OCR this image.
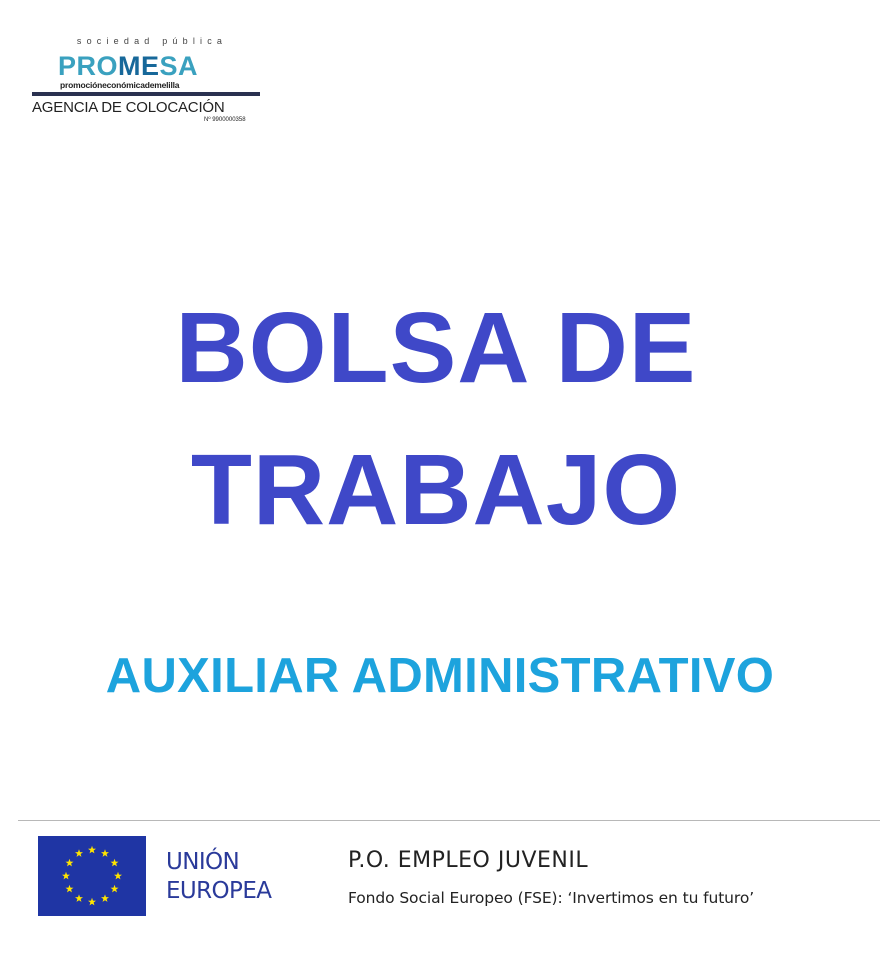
sociedad pública
PROMESA
promocióneconómicademelilla
AGENCIA DE COLOCACIÓN
Nº 9900000358
BOLSA DE
TRABAJO
AUXILIAR ADMINISTRATIVO
UNIÓN
EUROPEA
P.O. EMPLEO JUVENIL
Fondo Social Europeo (FSE): ‘Invertimos en tu futuro’
